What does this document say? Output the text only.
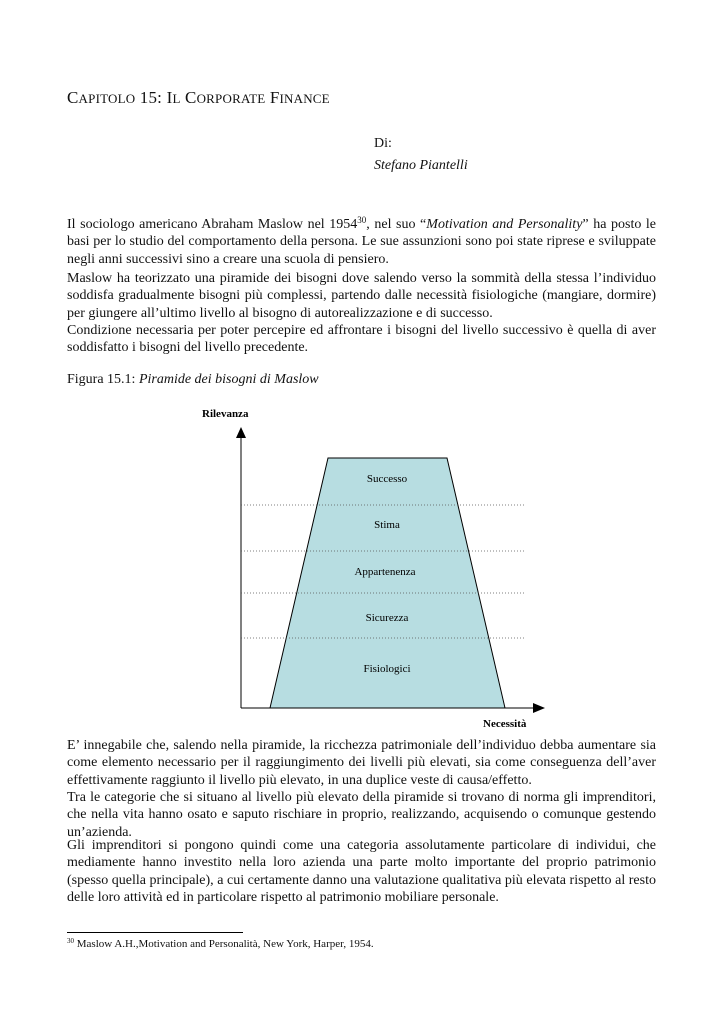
CAPITOLO 15: IL CORPORATE FINANCE
Di:
Stefano Piantelli

Il sociologo americano Abraham Maslow nel 1954$^{30}$, nel suo “Motivation and Personality” ha posto le basi per lo studio del comportamento della persona. Le sue assunzioni sono poi state riprese e sviluppate negli anni successivi sino a creare una scuola di pensiero.

Maslow ha teorizzato una piramide dei bisogni dove salendo verso la sommità della stessa l’individuo soddisfa gradualmente bisogni più complessi, partendo dalle necessità fisiologiche (mangiare, dormire) per giungere all’ultimo livello al bisogno di autorealizzazione e di successo.

Condizione necessaria per poter percepire ed affrontare i bisogni del livello successivo è quella di aver soddisfatto i bisogni del livello precedente.

Figura 15.1: Piramide dei bisogni di Maslow
Rilevanza
Necessità
Successo
Stima
Appartenenza
Sicurezza
Fisiologici

E’ innegabile che, salendo nella piramide, la ricchezza patrimoniale dell’individuo debba aumentare sia come elemento necessario per il raggiungimento dei livelli più elevati, sia come conseguenza dell’aver effettivamente raggiunto il livello più elevato, in una duplice veste di causa/effetto.

Tra le categorie che si situano al livello più elevato della piramide si trovano di norma gli imprenditori, che nella vita hanno osato e saputo rischiare in proprio, realizzando, acquisendo o comunque gestendo un’azienda.

Gli imprenditori si pongono quindi come una categoria assolutamente particolare di individui, che mediamente hanno investito nella loro azienda una parte molto importante del proprio patrimonio (spesso quella principale), a cui certamente danno una valutazione qualitativa più elevata rispetto al resto delle loro attività ed in particolare rispetto al patrimonio mobiliare personale.

$^{30}$ Maslow A.H.,Motivation and Personalità, New York, Harper, 1954.
